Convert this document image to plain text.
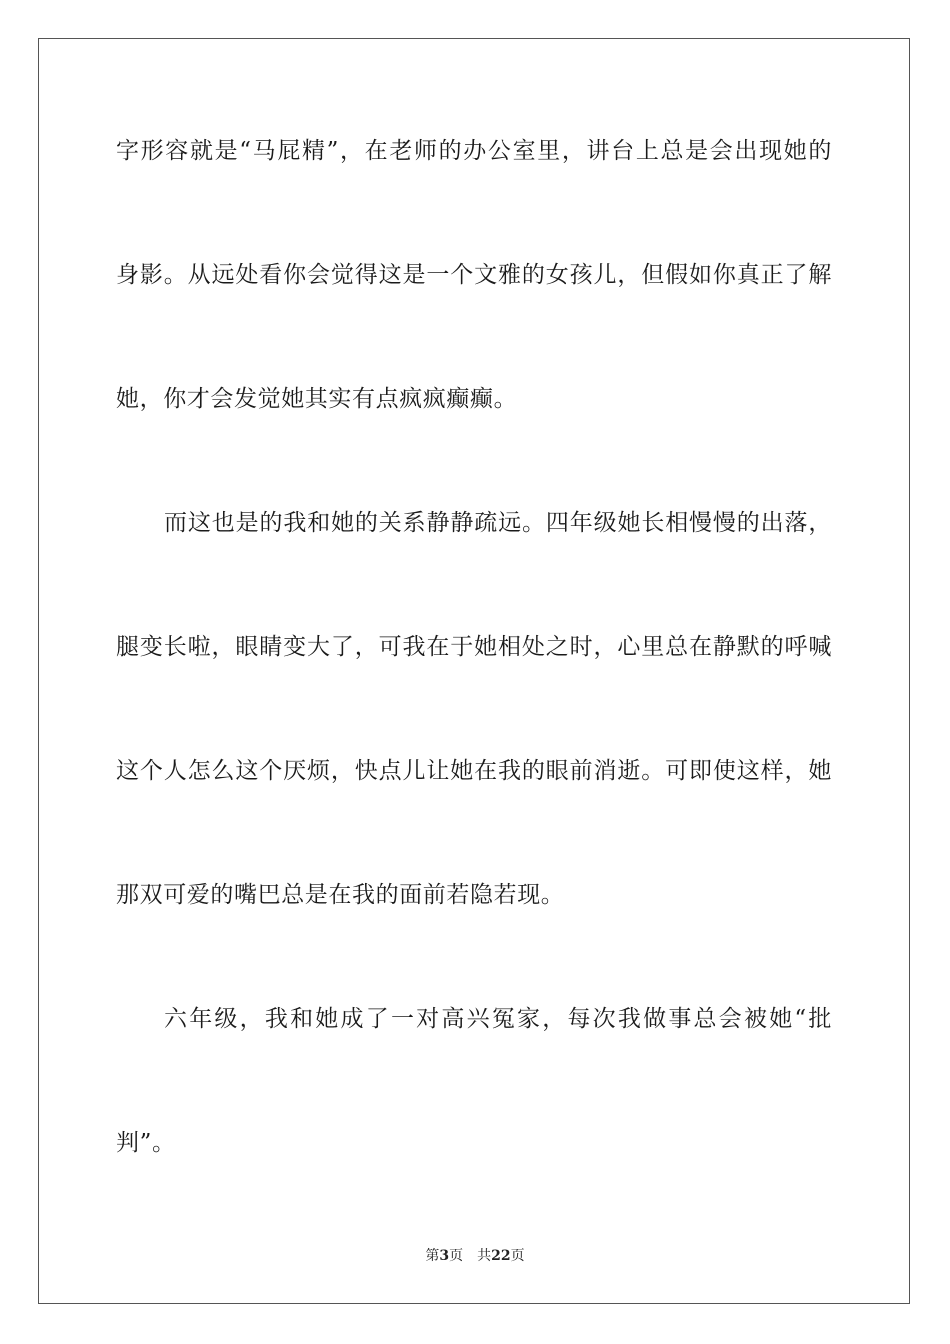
字形容就是“马屁精”，在老师的办公室里，讲台上总是会出现她的
身影。从远处看你会觉得这是一个文雅的女孩儿，但假如你真正了解
她，你才会发觉她其实有点疯疯癫癫。
而这也是的我和她的关系静静疏远。四年级她长相慢慢的出落，
腿变长啦，眼睛变大了，可我在于她相处之时，心里总在静默的呼喊
这个人怎么这个厌烦，快点儿让她在我的眼前消逝。可即使这样，她
那双可爱的嘴巴总是在我的面前若隐若现。
六年级，我和她成了一对高兴冤家，每次我做事总会被她“批
判”。
第3页 共22页
